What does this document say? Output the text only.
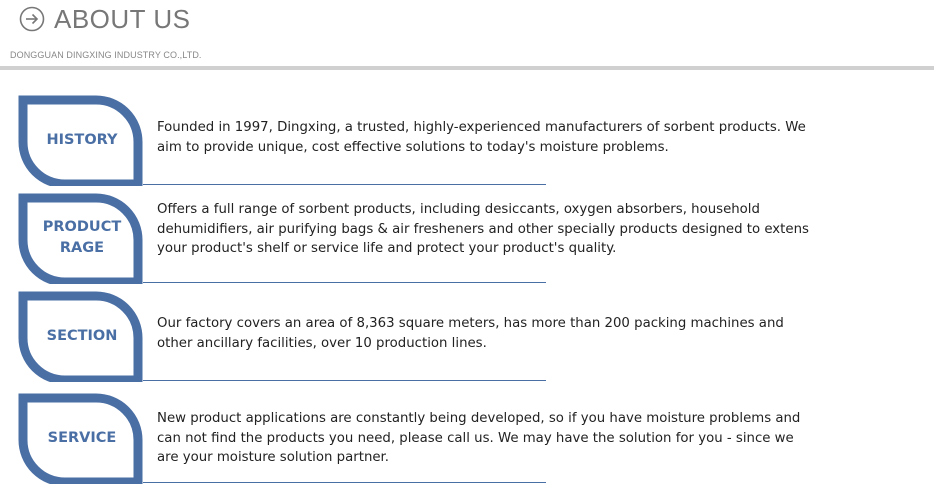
ABOUT US
DONGGUAN DINGXING INDUSTRY CO.,LTD.
HISTORY
Founded in 1997, Dingxing, a trusted, highly-experienced manufacturers of sorbent products. We aim to provide unique, cost effective solutions to today's moisture problems.
PRODUCT
RAGE
Offers a full range of sorbent products, including desiccants, oxygen absorbers, household dehumidifiers, air purifying bags & air fresheners and other specially products designed to extens your product's shelf or service life and protect your product's quality.
SECTION
Our factory covers an area of 8,363 square meters, has more than 200 packing machines and other ancillary facilities, over 10 production lines.
SERVICE
New product applications are constantly being developed, so if you have moisture problems and can not find the products you need, please call us. We may have the solution for you - since we are your moisture solution partner.
